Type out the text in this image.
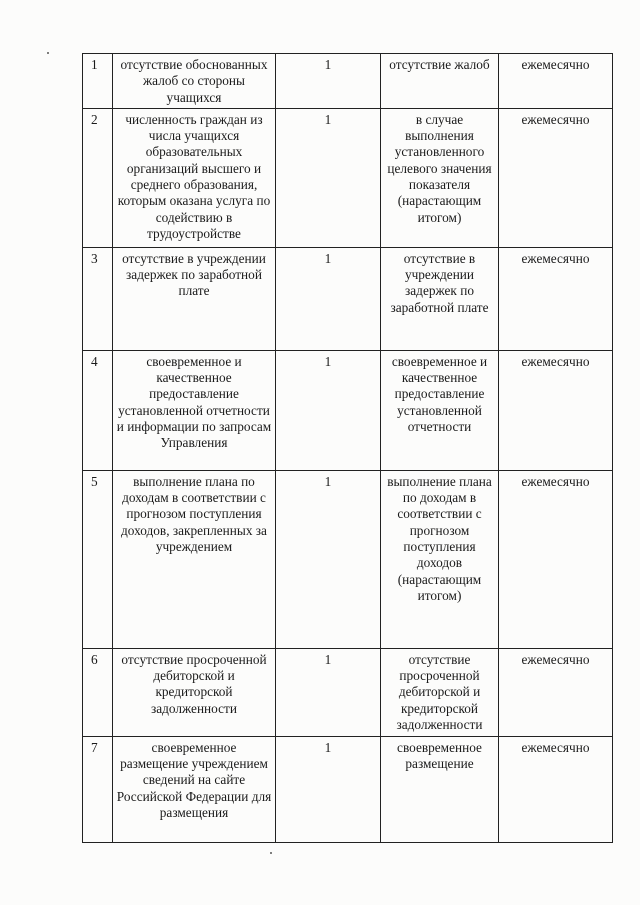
1	отсутствие обоснованных жалоб со стороны учащихся	1	отсутствие жалоб	ежемесячно
2	численность граждан из числа учащихся образовательных организаций высшего и среднего образования, которым оказана услуга по содействию в трудоустройстве	1	в случае выполнения установленного целевого значения показателя (нарастающим итогом)	ежемесячно
3	отсутствие в учреждении задержек по заработной плате	1	отсутствие в учреждении задержек по заработной плате	ежемесячно
4	своевременное и качественное предоставление установленной отчетности и информации по запросам Управления	1	своевременное и качественное предоставление установленной отчетности	ежемесячно
5	выполнение плана по доходам в соответствии с прогнозом поступления доходов, закрепленных за учреждением	1	выполнение плана по доходам в соответствии с прогнозом поступления доходов (нарастающим итогом)	ежемесячно
6	отсутствие просроченной дебиторской и кредиторской задолженности	1	отсутствие просроченной дебиторской и кредиторской задолженности	ежемесячно
7	своевременное размещение учреждением сведений на сайте Российской Федерации для размещения	1	своевременное размещение	ежемесячно
